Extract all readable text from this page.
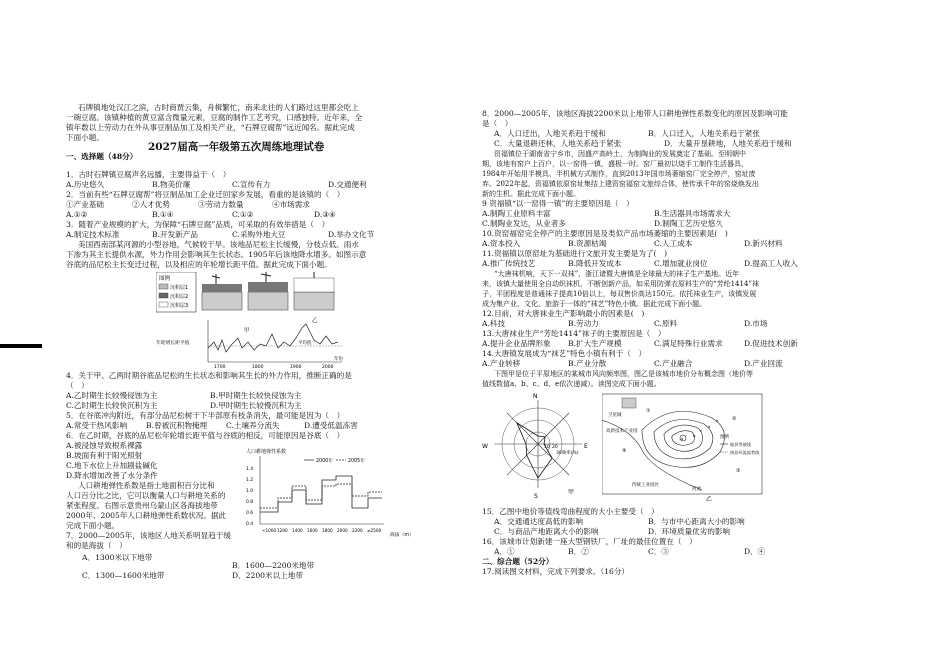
石牌镇地处汉江之滨，古时商贾云集，舟楫繁忙，南来北往的人们路过这里都会吃上
一碗豆腐。该镇种植的黄豆富含微量元素，豆腐的制作工艺考究，口感独特。近年来，全
镇年数以上劳动力在外从事豆制品加工及相关产业，“石牌豆腐帮”远近闻名。据此完成
下面小题。
2027届高一年级第五次周练地理试卷
一、选择题（48分）
1．古时石牌镇豆腐声名远播，主要得益于（　）
A.历史悠久	B.物美价廉	C.宣传有力	D.交通便利
2．当前有些“石牌豆腐帮”将豆制品加工企业迁回家乡发展，看重的是该镇的（　）
①产业基础	②人才优势	③劳动力数量	④市场需求
A.①②	B.①④	C.①②	D.③④
3．随着产业规模的扩大，为保障“石牌豆腐”品质，可采取的有效举措是（　）
A.制定技术标准	B.开发新产品	C.采购外地大豆	D.举办文化节
美国西南部某河源的小型谷地，气候较干旱。该地品尼松主长缓慢，分枝点低。雨水
下渗为其主长提供水源，外力作用会影响其生长状态。1905年后该地降水增多。如图示意
谷底的品尼松主长变迁过程，以及相应的年轮增长距平值。据此完成下面小题。
图例
沉积层1
沉积层2
沉积层3
年轮增长距平值	平均值
甲
乙
1700	1800	1900	2000
年份
4．关于甲、乙两时期谷底品尼松的生长状态和影响其生长的外力作用，推断正确的是
（　）
A.乙时期生长较慢侵蚀为主	B.甲时期生长较快侵蚀为主
C.乙时期生长较快沉积为主	D.甲时期生长较慢沉积为主
5．在谷底冲沟附近，有部分品尼松树干下半部原有枝条消失，最可能是因为（　）
A.常受干热风影响 B.曾被沉积物掩埋 C.土壤养分流失	D.遭受低温冻害
6．在乙时期，谷底的品尼松年轮增长距平值与谷底的相反，可能原因是谷底（　）
A.被浸蚀导致根系裸露
B.坡面有利于阳光照射
C.地下水位上升加剧盐碱化
D.降水增加改善了水分条件
人口耕地弹性系数是指土地面积百分比和
人口百分比之比，它可以衡量人口与耕地关系的
紧张程度。右图示意贵州乌蒙山区各海拔地带
2000年、2005年人口耕地弹性系数状况。据此
完成下面小题。
人口耕地弹性系数
1.4
1.2
1.0
0.8
0.6
0.4
<1000 1200 1400 1600 1800 2000 2200 ≥2500
2000年	2005年
海拔（m）
7．2000—2005年，该地区人地关系明显趋于缓
和的是海拔（　）
A．1300米以下地带
B．1600—2200米地带
C．1300—1600米地带	D．2200米以上地带
8．2000—2005年，该地区海拔2200米以上地带人口耕地弹性系数变化的原因及影响可能
是（　）
A．人口迁出，人地关系趋于缓和	B．人口迁入，人地关系趋于紧张
C．大量退耕还林，人地关系趋于紧张	D．大量开垦耕地，人地关系趋于缓和
资福镇位于湖南省宁乡市，因盛产高岭土，为制陶业的发展奠定了基础。至明朝中
期，该地有窑户上百户，以一窑得一镇，盛极一时。窑厂最初以烧手工制作生活器具，
1984年开始用半模具、半机械方式制作，直到2013年国市场萎缩窑厂完全停产，窑址废
弃。2022年起，资福镇依原窑址集结上建资窑福窑文旅综合体，使传承千年的窑烧焕发出
新的生机。据此完成下面小题。
9 资福镇“以一窑得一镇”的主要原因是（　）
A.制陶工业原料丰富	B.生活器具市场需求大
C.制陶业发达，从业者多	D.制陶工艺历史悠久
10.资窑福窑完全停产的主要原因是及类似产品市场萎缩的主要因素是(　)
A.资本投入	B.资源枯竭	C.人工成本	D.新兴材料
11.资福镇以原窑址为基础进行文旅开发主要是为了(　)
A.推广传统技艺	B.降低开发成本	C.增加就业岗位	D.提高工人收入
“大唐袜机响，天下一双袜”，浙江诸暨大唐镇是全球最大的袜子生产基地。近年
来，该镇大量使用全自动织袜机，不断创新产品，如采用防弹衣原料生产的“芳纶1414”袜
子，平团程度是普通袜子提高10倍以上，每双售价高达150元。依托袜业生产，该镇发展
成为集产业、文化、旅游于一体的“袜艺”特色小镇。据此完成下面小题。
12.目前，对大唐袜业生产影响最小的因素是(　)
A.科技	B.劳动力	C.原料	D.市场
13.大唐袜业生产“芳纶1414”袜子的主要原因是（　）
A.提升企业品牌形象 B.扩大生产规模	C.满足特殊行业需求	D.促进技术创新
14.大唐镇发展成为“袜艺”特色小镇有利于（　）
A.产业转移	B.产业分散	C.产业融合	D.产业回流
下图甲是位于平原地区的某城市风向频率图，图乙是该城市地价分布概念图（地价等
值线数值a、b、c、d、e依次递减）。读图完成下面小题。
N
E
S
W
30频率(%)
10 20
甲
卫星城
高新技术产业园
传统工业园区
河流
a
b
c
d
e
①
②
③
④
图例
地价等值线
热岛环流流势线
乙
15．乙图中地价等值线弯曲程度的大小主要受（　）
A．交通通达度高低的影响	B．与市中心距离大小的影响
C．与商品产地距离大小的影响	D．环境质量优劣的影响
16．该城市计划新建一座大型钢铁厂，厂址的最佳位置在（　）
A．①	B．②	C．③	D．④
二、综合题（52分）
17.阅读图文材料，完成下列要求。（16分）
